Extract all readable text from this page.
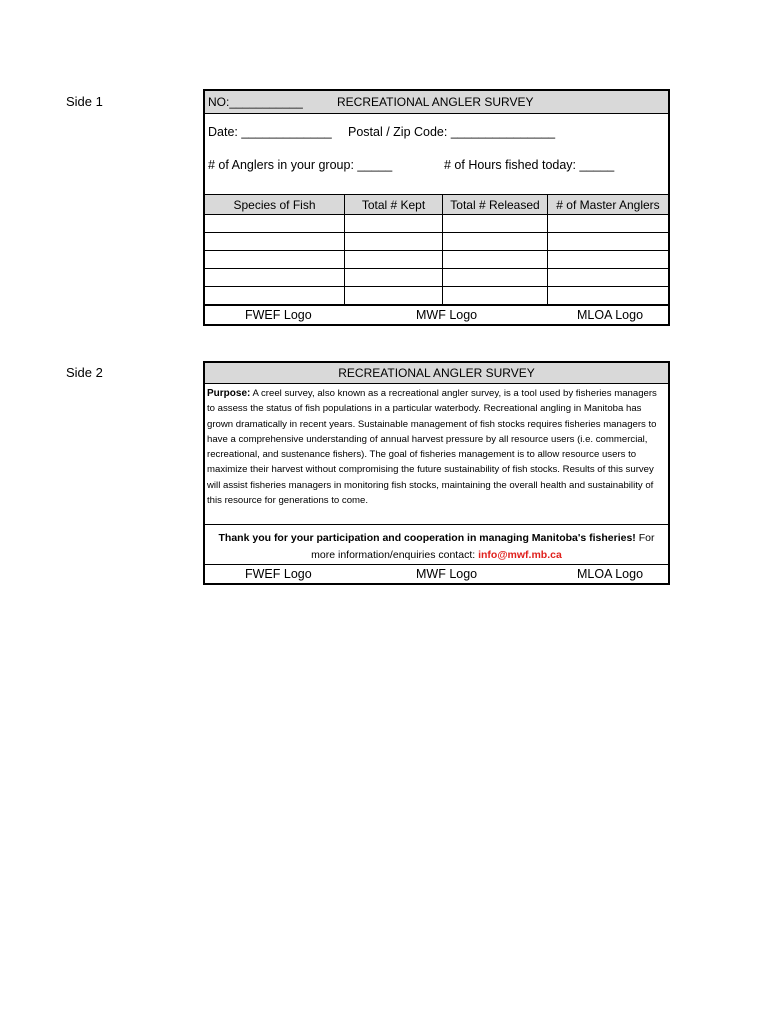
Side 1	NO:___________	RECREATIONAL ANGLER SURVEY
Date: _____________ Postal / Zip Code: _______________
# of Anglers in your group: _____	# of Hours fished today: _____
Species of Fish	Total # Kept	Total # Released	# of Master Anglers

FWEF Logo	MWF Logo	MLOA Logo
Side 2	RECREATIONAL ANGLER SURVEY
Purpose: A creel survey, also known as a recreational angler survey, is a tool used by fisheries managers to assess the status of fish populations in a particular waterbody. Recreational angling in Manitoba has grown dramatically in recent years. Sustainable management of fish stocks requires fisheries managers to have a comprehensive understanding of annual harvest pressure by all resource users (i.e. commercial, recreational, and sustenance fishers). The goal of fisheries management is to allow resource users to maximize their harvest without compromising the future sustainability of fish stocks. Results of this survey will assist fisheries managers in monitoring fish stocks, maintaining the overall health and sustainability of this resource for generations to come.
Thank you for your participation and cooperation in managing Manitoba's fisheries! For more information/enquiries contact: info@mwf.mb.ca
FWEF Logo	MWF Logo	MLOA Logo
